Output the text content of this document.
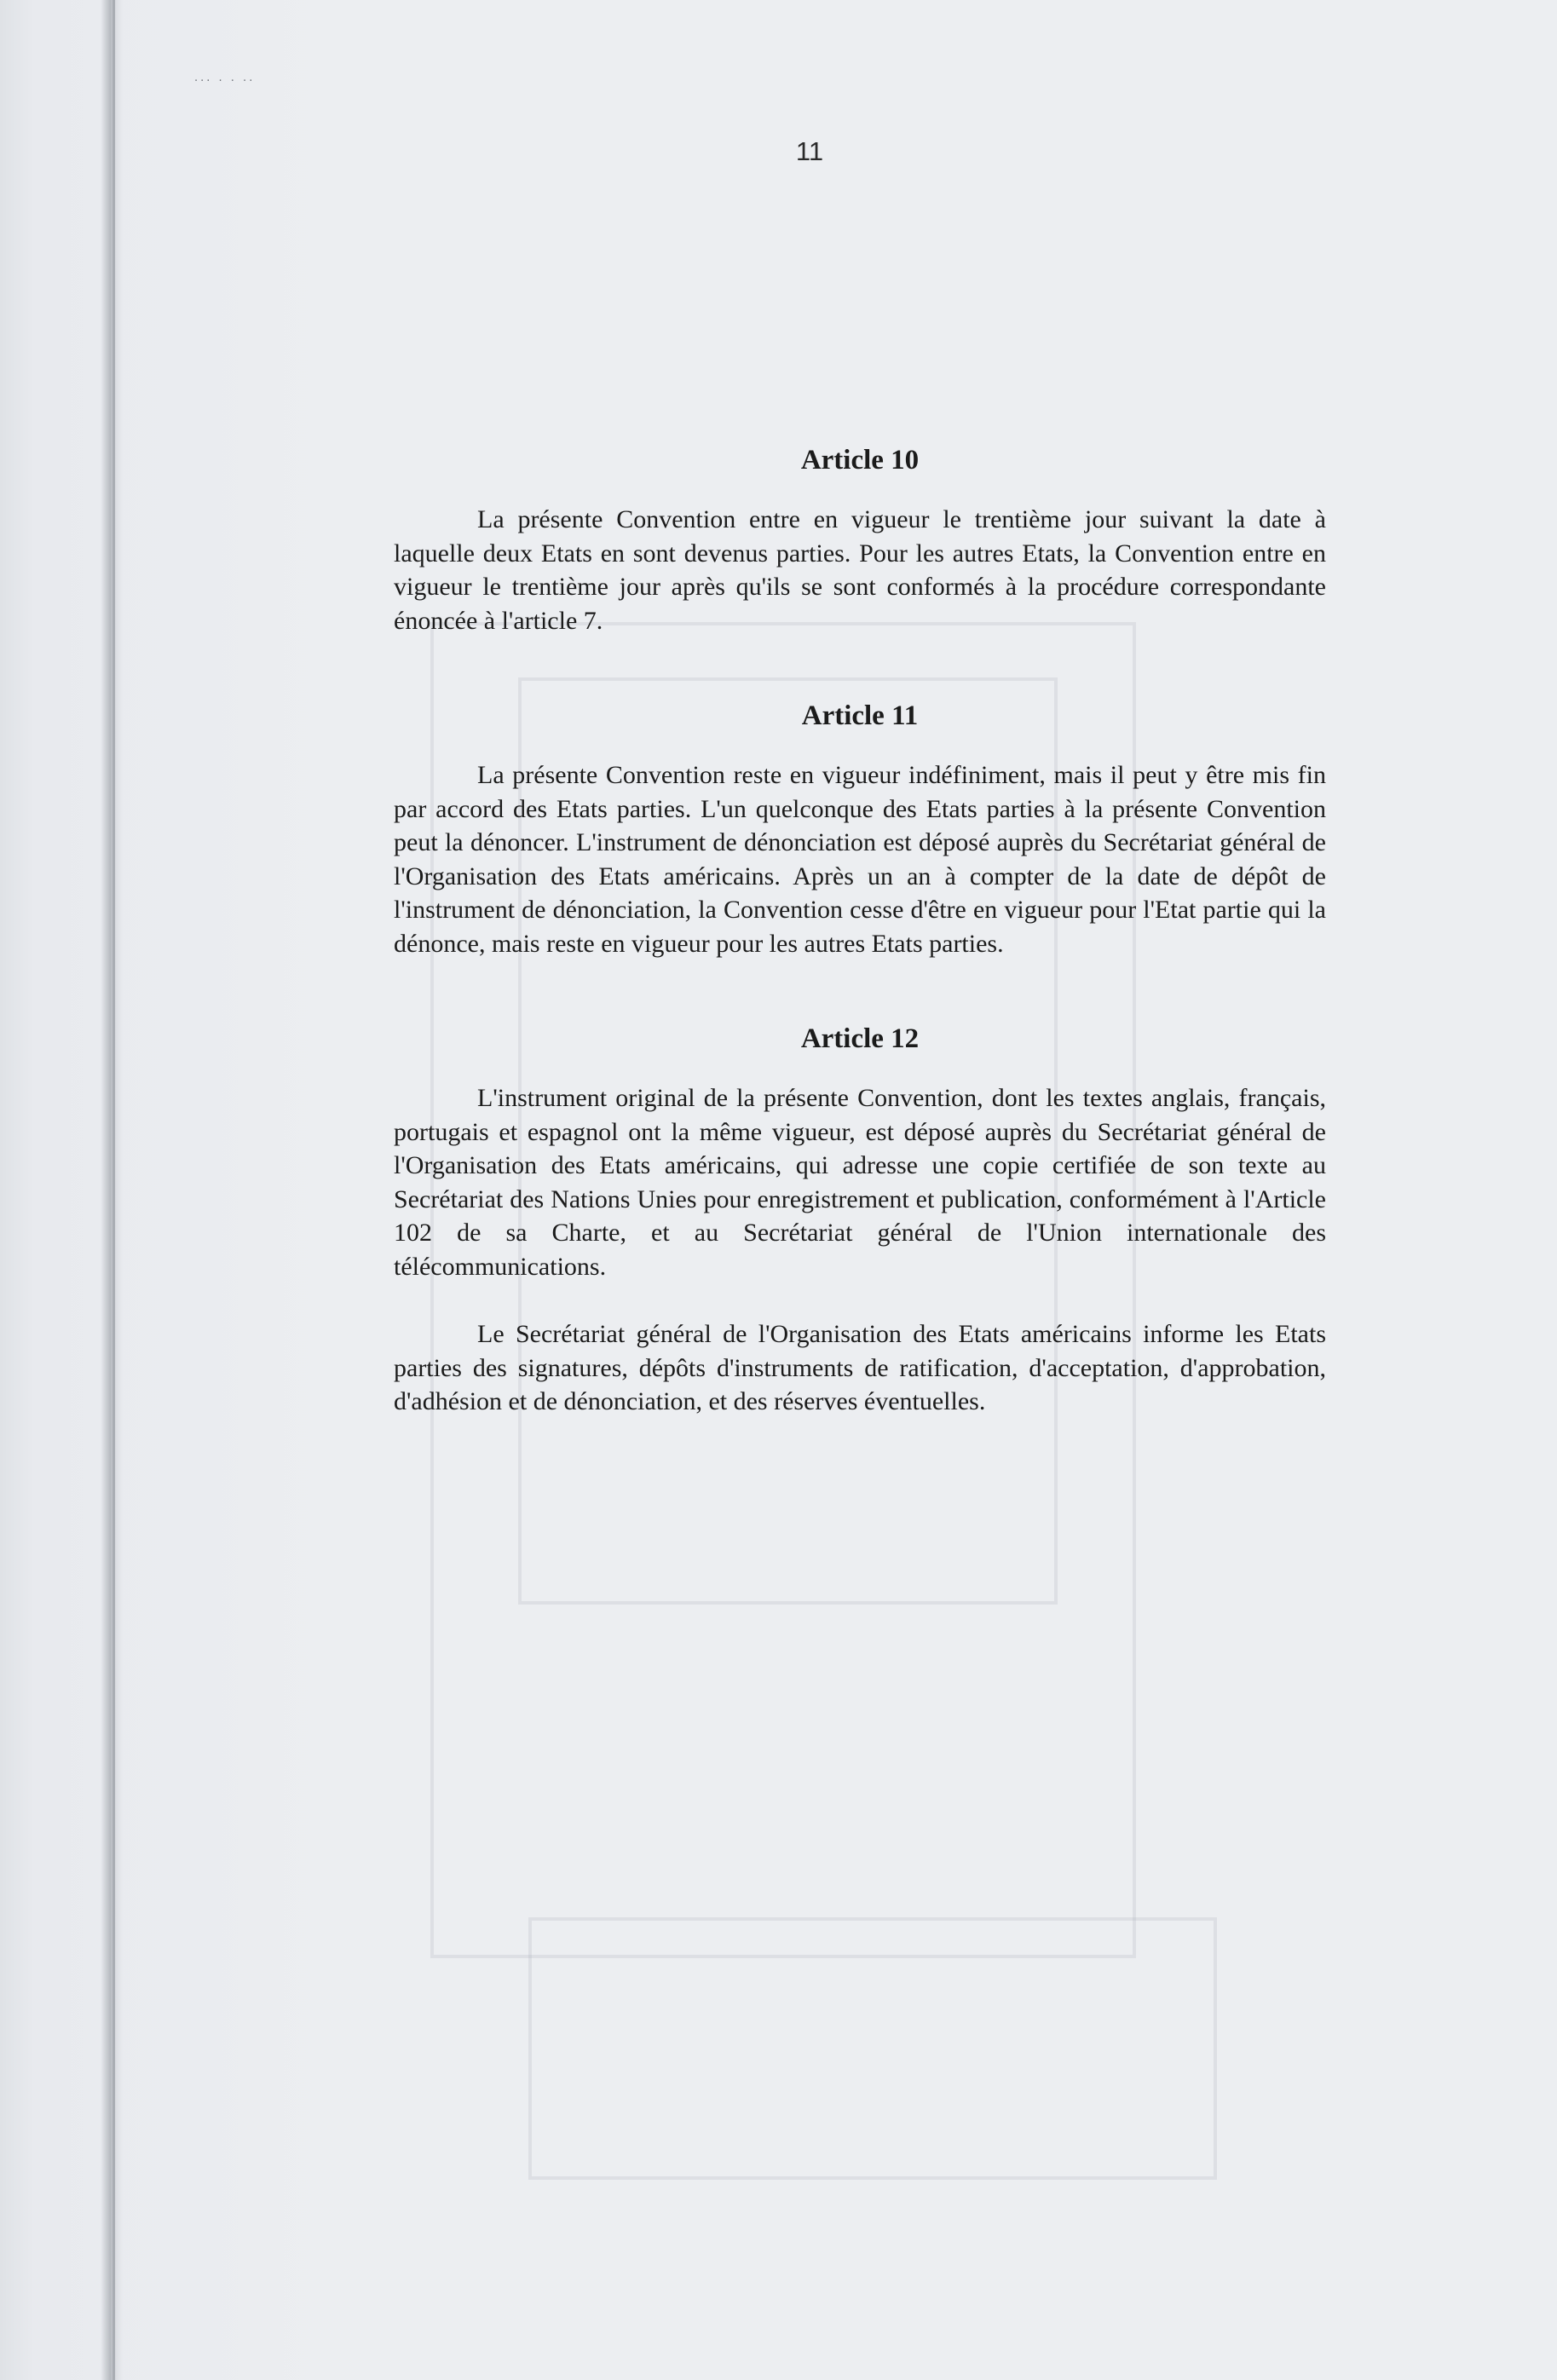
··· · · ··
11
Article 10

La présente Convention entre en vigueur le trentième jour suivant la date à laquelle deux Etats en sont devenus parties. Pour les autres Etats, la Convention entre en vigueur le trentième jour après qu'ils se sont conformés à la procédure correspondante énoncée à l'article 7.

Article 11

La présente Convention reste en vigueur indéfiniment, mais il peut y être mis fin par accord des Etats parties. L'un quelconque des Etats parties à la présente Convention peut la dénoncer. L'instrument de dénonciation est déposé auprès du Secrétariat général de l'Organisation des Etats américains. Après un an à compter de la date de dépôt de l'instrument de dénonciation, la Convention cesse d'être en vigueur pour l'Etat partie qui la dénonce, mais reste en vigueur pour les autres Etats parties.

Article 12

L'instrument original de la présente Convention, dont les textes anglais, français, portugais et espagnol ont la même vigueur, est déposé auprès du Secrétariat général de l'Organisation des Etats américains, qui adresse une copie certifiée de son texte au Secrétariat des Nations Unies pour enregistrement et publication, conformément à l'Article 102 de sa Charte, et au Secrétariat général de l'Union internationale des télécommunications.

Le Secrétariat général de l'Organisation des Etats américains informe les Etats parties des signatures, dépôts d'instruments de ratification, d'acceptation, d'approbation, d'adhésion et de dénonciation, et des réserves éventuelles.
